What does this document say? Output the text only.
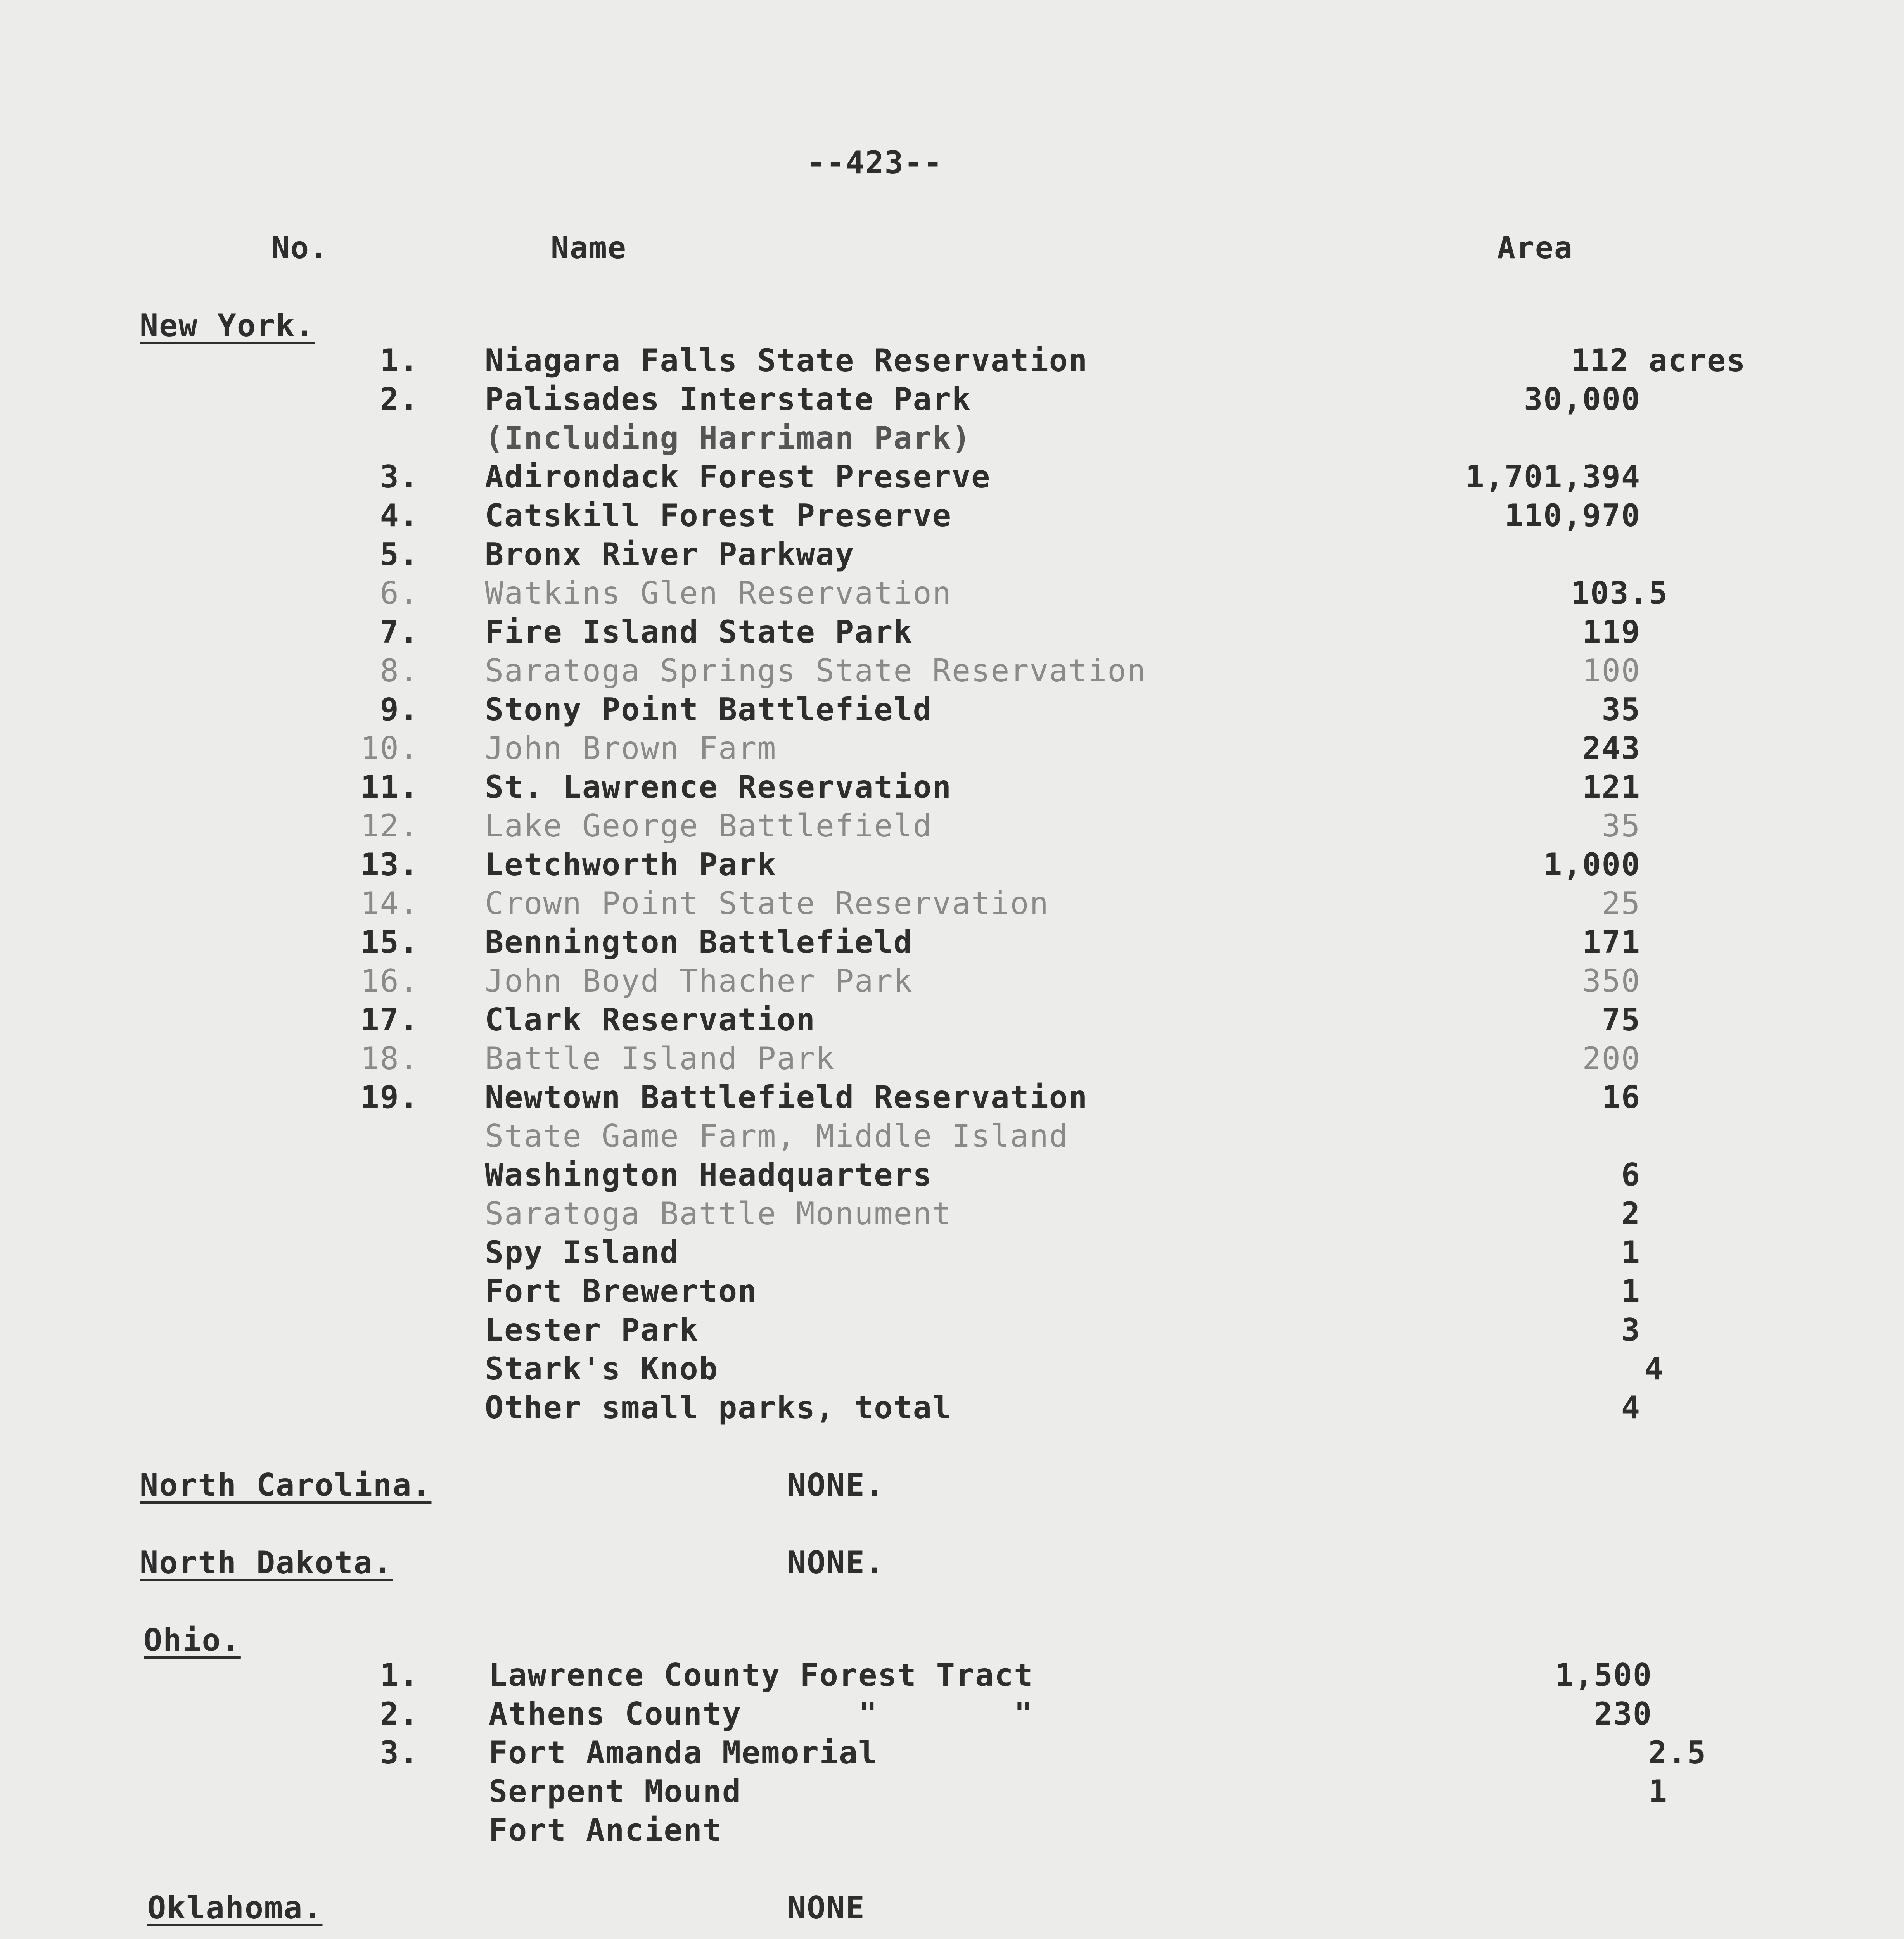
--423--
No.	Name	Area
New York.
1. Niagara Falls State Reservation	112 acres
2. Palisades Interstate Park	30,000
(Including Harriman Park)
3. Adirondack Forest Preserve	1,701,394
4. Catskill Forest Preserve	110,970
5. Bronx River Parkway
6. Watkins Glen Reservation	103.5
7. Fire Island State Park	119
8. Saratoga Springs State Reservation	100
9. Stony Point Battlefield	35
10. John Brown Farm	243
11. St. Lawrence Reservation	121
12. Lake George Battlefield	35
13. Letchworth Park	1,000
14. Crown Point State Reservation	25
15. Bennington Battlefield	171
16. John Boyd Thacher Park	350
17. Clark Reservation	75
18. Battle Island Park	200
19. Newtown Battlefield Reservation	16
State Game Farm, Middle Island
Washington Headquarters	6
Saratoga Battle Monument	2
Spy Island	1
Fort Brewerton	1
Lester Park	3
Stark's Knob	4
Other small parks, total	4
North Carolina.	NONE.
North Dakota.	NONE.
Ohio.
1. Lawrence County Forest Tract	1,500
2. Athens County      "       "	230
3. Fort Amanda Memorial	2.5
Serpent Mound	1
Fort Ancient
Oklahoma.	NONE
